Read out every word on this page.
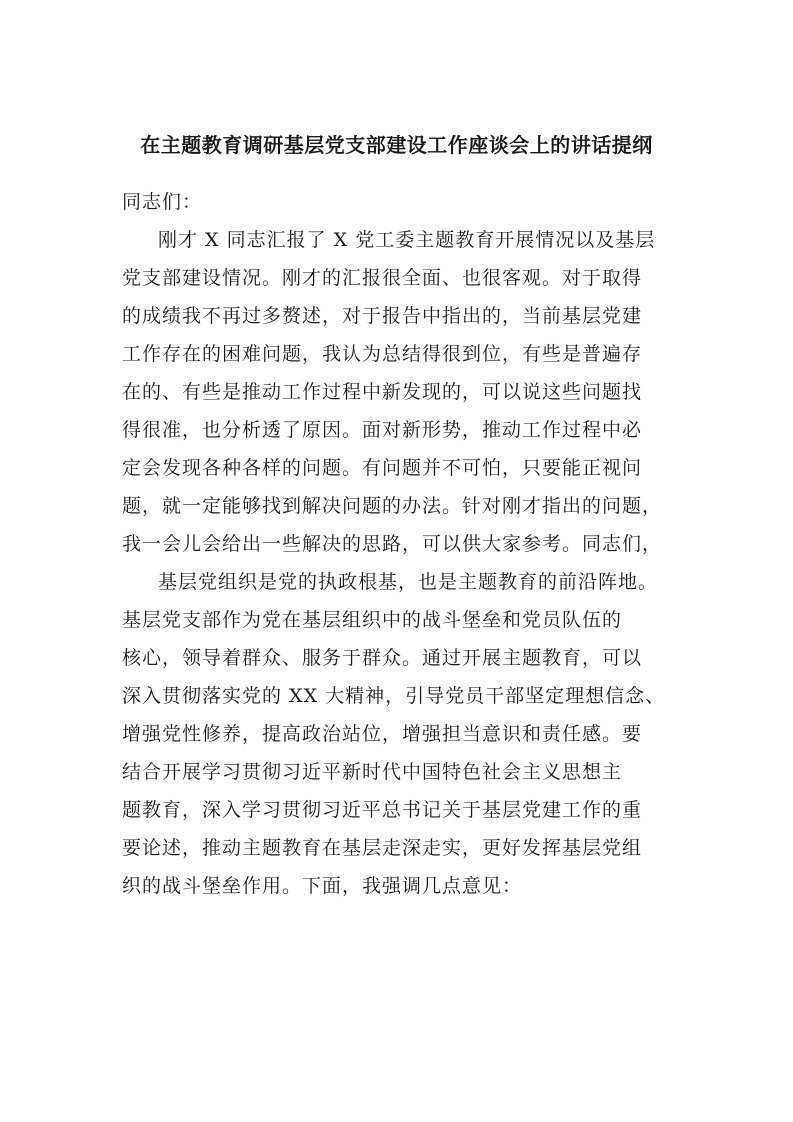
在主题教育调研基层党支部建设工作座谈会上的讲话提纲
同志们：
刚才 X 同志汇报了 X 党工委主题教育开展情况以及基层
党支部建设情况。刚才的汇报很全面、也很客观。对于取得
的成绩我不再过多赘述，对于报告中指出的，当前基层党建
工作存在的困难问题，我认为总结得很到位，有些是普遍存
在的、有些是推动工作过程中新发现的，可以说这些问题找
得很准，也分析透了原因。面对新形势，推动工作过程中必
定会发现各种各样的问题。有问题并不可怕，只要能正视问
题，就一定能够找到解决问题的办法。针对刚才指出的问题，
我一会儿会给出一些解决的思路，可以供大家参考。同志们，
基层党组织是党的执政根基，也是主题教育的前沿阵地。
基层党支部作为党在基层组织中的战斗堡垒和党员队伍的
核心，领导着群众、服务于群众。通过开展主题教育，可以
深入贯彻落实党的 XX 大精神，引导党员干部坚定理想信念、
增强党性修养，提高政治站位，增强担当意识和责任感。要
结合开展学习贯彻习近平新时代中国特色社会主义思想主
题教育，深入学习贯彻习近平总书记关于基层党建工作的重
要论述，推动主题教育在基层走深走实，更好发挥基层党组
织的战斗堡垒作用。下面，我强调几点意见：
